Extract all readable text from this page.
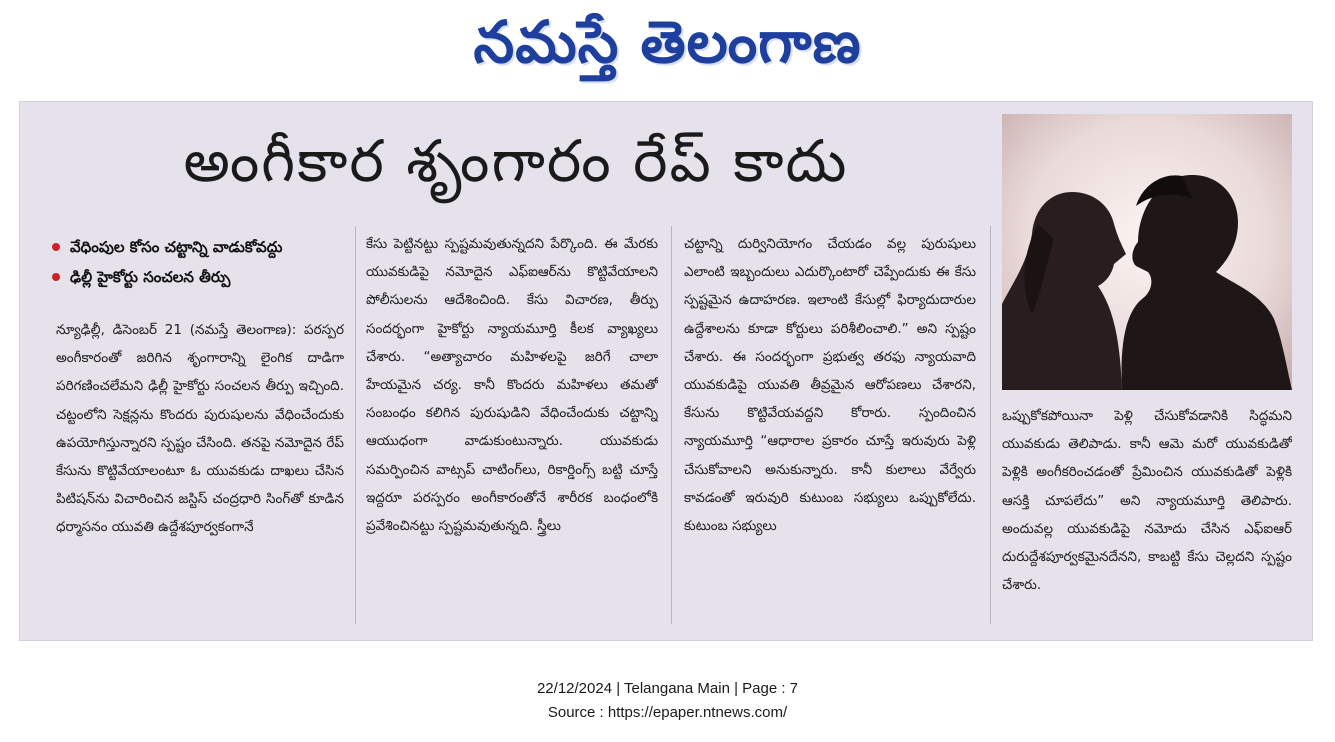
నమస్తే తెలంగాణ
అంగీకార శృంగారం రేప్ కాదు
వేధింపుల కోసం చట్టాన్ని వాడుకోవద్దు
ఢిల్లీ హైకోర్టు సంచలన తీర్పు

న్యూఢిల్లీ, డిసెంబర్ 21 (నమస్తే తెలంగాణ): పరస్పర అంగీకారంతో జరిగిన శృంగారాన్ని లైంగిక దాడిగా పరిగణించలేమని ఢిల్లీ హైకోర్టు సంచలన తీర్పు ఇచ్చింది. చట్టంలోని సెక్షన్లను కొందరు పురుషులను వేధించేందుకు ఉపయోగిస్తున్నారని స్పష్టం చేసింది. తనపై నమోదైన రేప్ కేసును కొట్టివేయాలంటూ ఓ యువకుడు దాఖలు చేసిన పిటిషన్‌ను విచారించిన జస్టిస్ చంద్రధారి సింగ్‌తో కూడిన ధర్మాసనం యువతి ఉద్దేశపూర్వకంగానే

కేసు పెట్టినట్టు స్పష్టమవుతున్నదని పేర్కొంది. ఈ మేరకు యువకుడిపై నమోదైన ఎఫ్ఐఆర్‌ను కొట్టివేయాలని పోలీసులను ఆదేశించింది. కేసు విచారణ, తీర్పు సందర్భంగా హైకోర్టు న్యాయమూర్తి కీలక వ్యాఖ్యలు చేశారు. “అత్యాచారం మహిళలపై జరిగే చాలా హేయమైన చర్య. కానీ కొందరు మహిళలు తమతో సంబంధం కలిగిన పురుషుడిని వేధించేందుకు చట్టాన్ని ఆయుధంగా వాడుకుంటున్నారు. యువకుడు సమర్పించిన వాట్సప్ చాటింగ్‌లు, రికార్డింగ్స్ బట్టి చూస్తే ఇద్దరూ పరస్పరం అంగీకారంతోనే శారీరక బంధంలోకి ప్రవేశించినట్టు స్పష్టమవుతున్నది. స్త్రీలు

చట్టాన్ని దుర్వినియోగం చేయడం వల్ల పురుషులు ఎలాంటి ఇబ్బందులు ఎదుర్కొంటారో చెప్పేందుకు ఈ కేసు స్పష్టమైన ఉదాహరణ. ఇలాంటి కేసుల్లో ఫిర్యాదుదారుల ఉద్దేశాలను కూడా కోర్టులు పరిశీలించాలి.” అని స్పష్టం చేశారు. ఈ సందర్భంగా ప్రభుత్వ తరఫు న్యాయవాది యువకుడిపై యువతి తీవ్రమైన ఆరోపణలు చేశారని, కేసును కొట్టివేయవద్దని కోరారు. స్పందించిన న్యాయమూర్తి “ఆధారాల ప్రకారం చూస్తే ఇరువురు పెళ్లి చేసుకోవాలని అనుకున్నారు. కానీ కులాలు వేర్వేరు కావడంతో ఇరువురి కుటుంబ సభ్యులు ఒప్పుకోలేదు. కుటుంబ సభ్యులు

ఒప్పుకోకపోయినా పెళ్లి చేసుకోవడానికి సిద్ధమని యువకుడు తెలిపాడు. కానీ ఆమె మరో యువకుడితో పెళ్లికి అంగీకరించడంతో ప్రేమించిన యువకుడితో పెళ్లికి ఆసక్తి చూపలేదు” అని న్యాయమూర్తి తెలిపారు. అందువల్ల యువకుడిపై నమోదు చేసిన ఎఫ్ఐఆర్ దురుద్దేశపూర్వకమైనదేనని, కాబట్టి కేసు చెల్లదని స్పష్టం చేశారు.

22/12/2024 | Telangana Main | Page : 7
Source : https://epaper.ntnews.com/
